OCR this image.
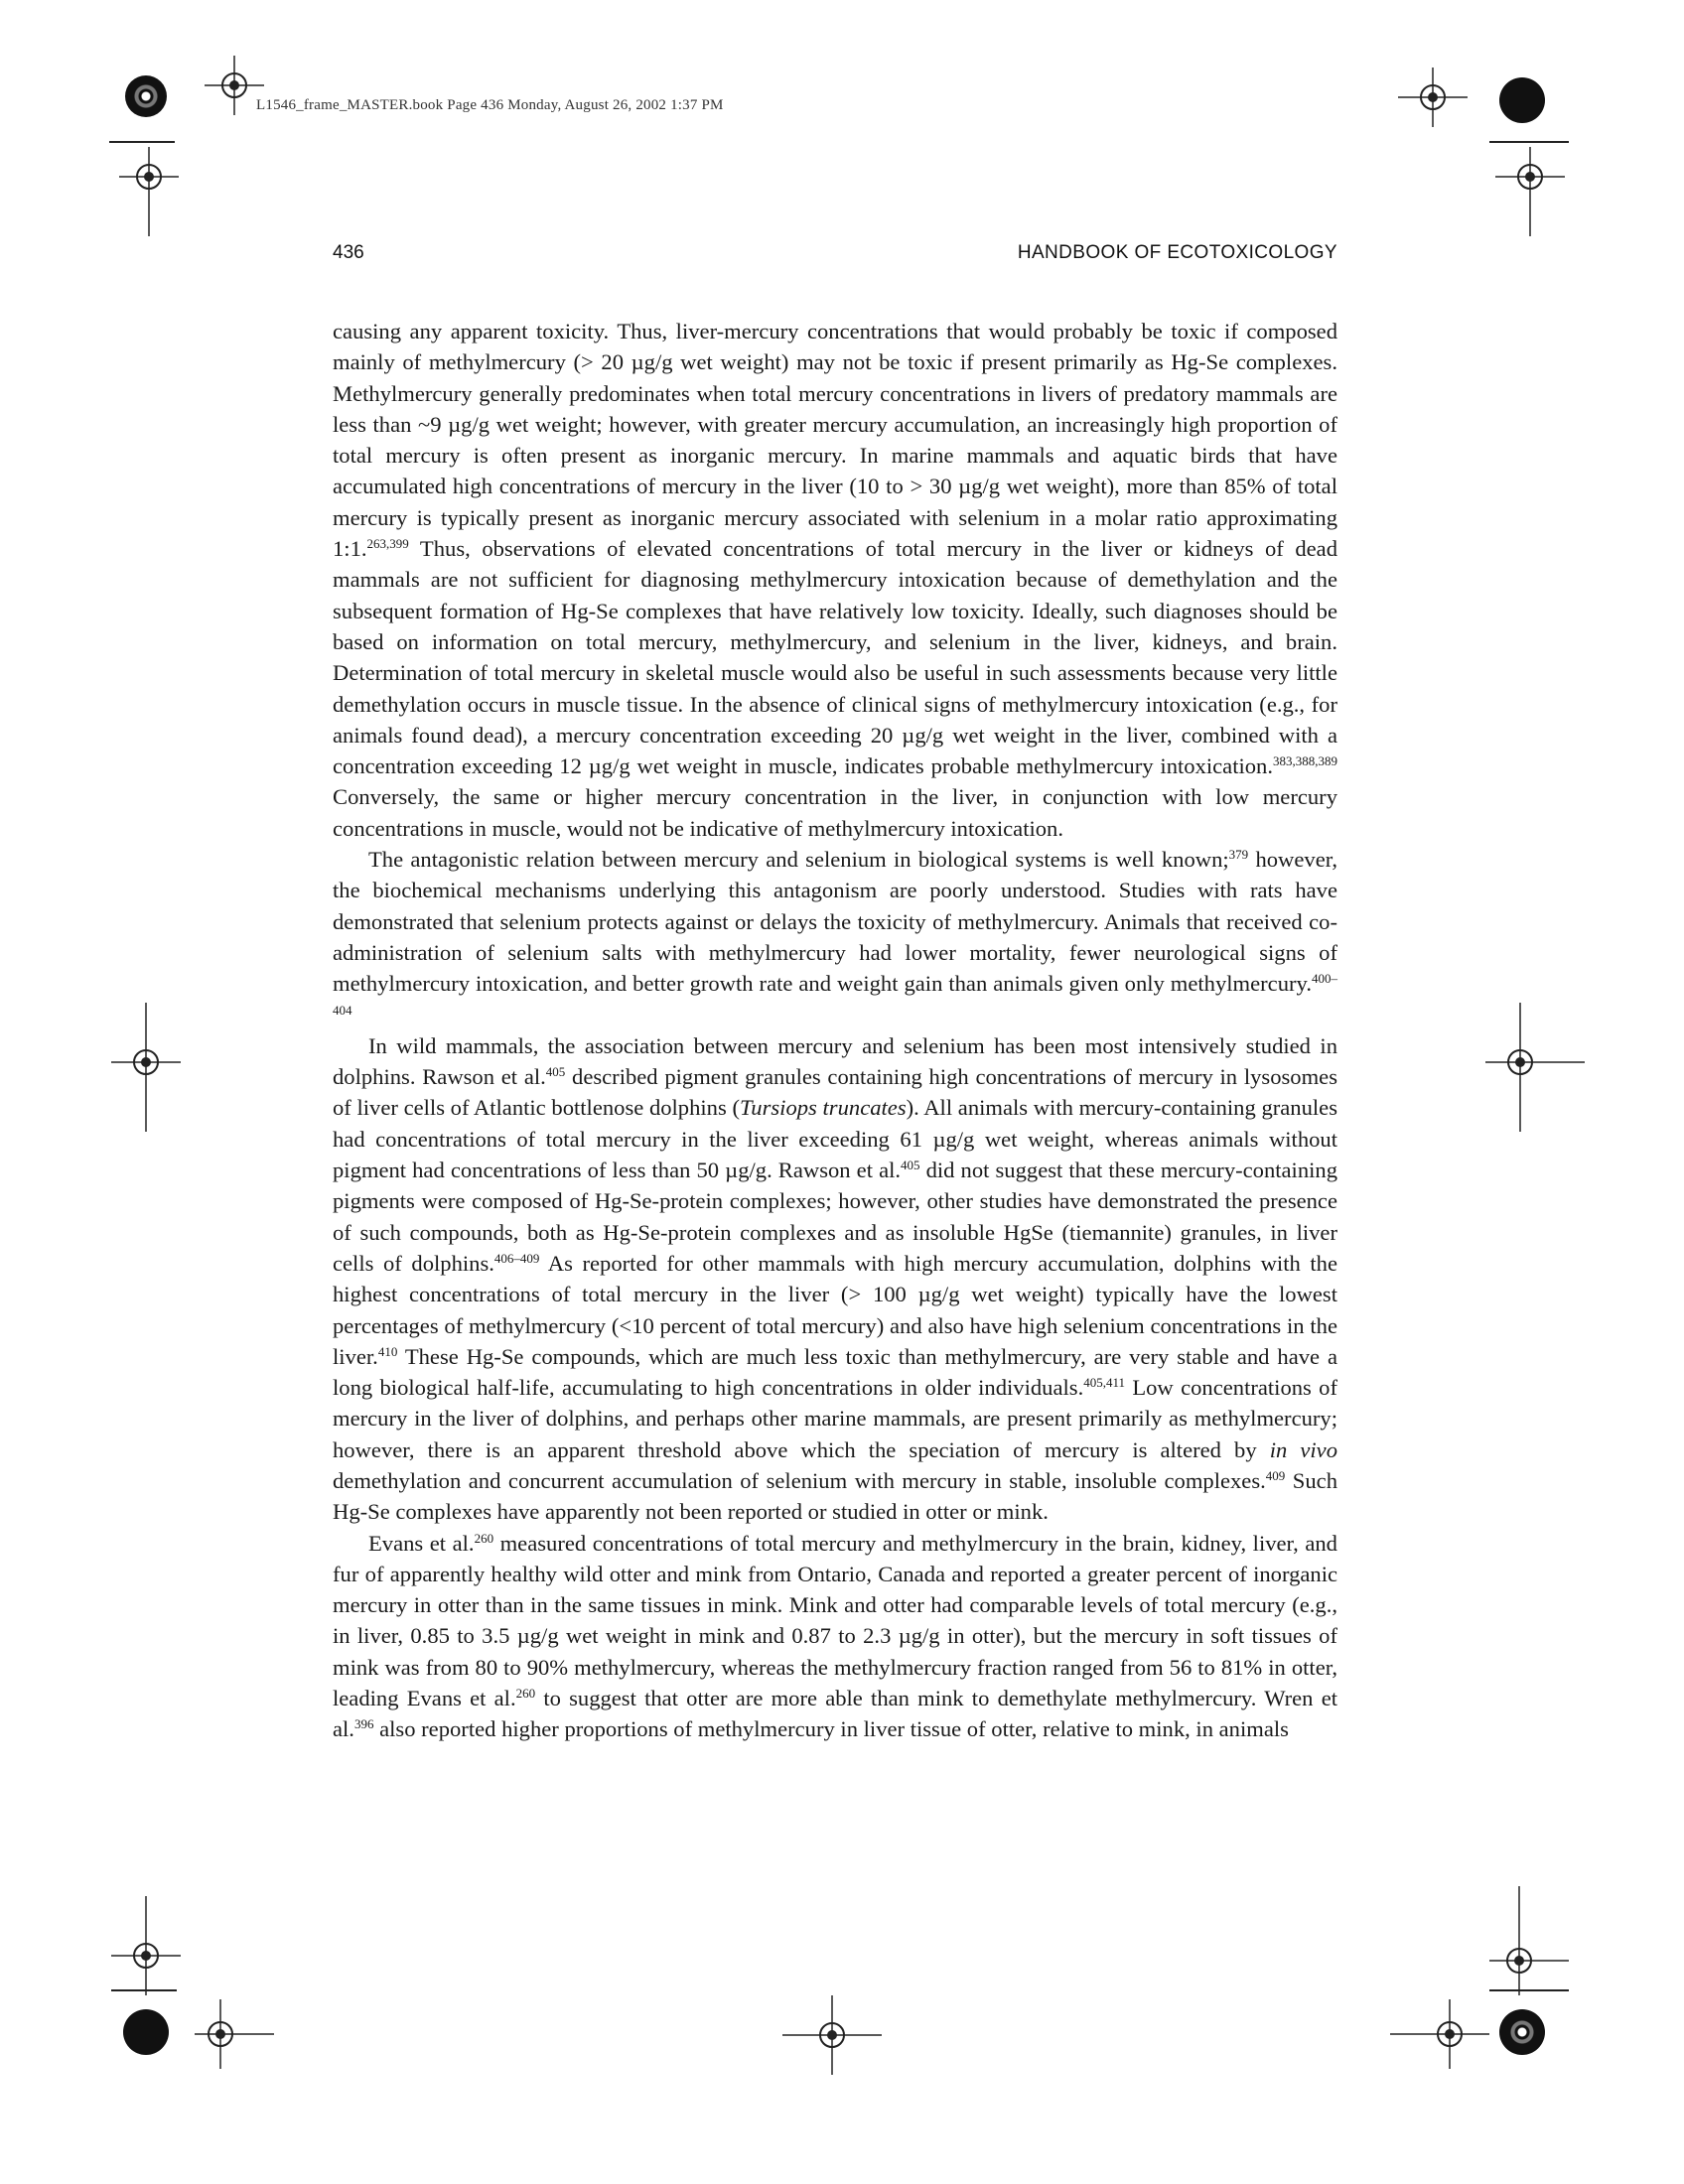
L1546_frame_MASTER.book Page 436 Monday, August 26, 2002 1:37 PM
436	HANDBOOK OF ECOTOXICOLOGY

causing any apparent toxicity. Thus, liver-mercury concentrations that would probably be toxic if composed mainly of methylmercury (> 20 µg/g wet weight) may not be toxic if present primarily as Hg-Se complexes. Methylmercury generally predominates when total mercury concentrations in livers of predatory mammals are less than ~9 µg/g wet weight; however, with greater mercury accumulation, an increasingly high proportion of total mercury is often present as inorganic mercury. In marine mammals and aquatic birds that have accumulated high concentrations of mercury in the liver (10 to > 30 µg/g wet weight), more than 85% of total mercury is typically present as inorganic mercury associated with selenium in a molar ratio approximating 1:1.$^{263,399}$ Thus, observations of elevated concentrations of total mercury in the liver or kidneys of dead mammals are not sufficient for diagnosing methylmercury intoxication because of demethylation and the subsequent formation of Hg-Se complexes that have relatively low toxicity. Ideally, such diagnoses should be based on information on total mercury, methylmercury, and selenium in the liver, kidneys, and brain. Determination of total mercury in skeletal muscle would also be useful in such assessments because very little demethylation occurs in muscle tissue. In the absence of clinical signs of methylmercury intoxication (e.g., for animals found dead), a mercury concentration exceeding 20 µg/g wet weight in the liver, combined with a concentration exceeding 12 µg/g wet weight in muscle, indicates probable methylmercury intoxication.$^{383,388,389}$ Conversely, the same or higher mercury concentration in the liver, in conjunction with low mercury concentrations in muscle, would not be indicative of methylmercury intoxication.

The antagonistic relation between mercury and selenium in biological systems is well known;$^{379}$ however, the biochemical mechanisms underlying this antagonism are poorly understood. Studies with rats have demonstrated that selenium protects against or delays the toxicity of methylmercury. Animals that received co-administration of selenium salts with methylmercury had lower mortality, fewer neurological signs of methylmercury intoxication, and better growth rate and weight gain than animals given only methylmercury.$^{400-404}$

In wild mammals, the association between mercury and selenium has been most intensively studied in dolphins. Rawson et al.$^{405}$ described pigment granules containing high concentrations of mercury in lysosomes of liver cells of Atlantic bottlenose dolphins (Tursiops truncates). All animals with mercury-containing granules had concentrations of total mercury in the liver exceeding 61 µg/g wet weight, whereas animals without pigment had concentrations of less than 50 µg/g. Rawson et al.$^{405}$ did not suggest that these mercury-containing pigments were composed of Hg-Se-protein complexes; however, other studies have demonstrated the presence of such compounds, both as Hg-Se-protein complexes and as insoluble HgSe (tiemannite) granules, in liver cells of dolphins.$^{406-409}$ As reported for other mammals with high mercury accumulation, dolphins with the highest concentrations of total mercury in the liver (> 100 µg/g wet weight) typically have the lowest percentages of methylmercury (<10 percent of total mercury) and also have high selenium concentrations in the liver.$^{410}$ These Hg-Se compounds, which are much less toxic than methylmercury, are very stable and have a long biological half-life, accumulating to high concentrations in older individuals.$^{405,411}$ Low concentrations of mercury in the liver of dolphins, and perhaps other marine mammals, are present primarily as methylmercury; however, there is an apparent threshold above which the speciation of mercury is altered by in vivo demethylation and concurrent accumulation of selenium with mercury in stable, insoluble complexes.$^{409}$ Such Hg-Se complexes have apparently not been reported or studied in otter or mink.

Evans et al.$^{260}$ measured concentrations of total mercury and methylmercury in the brain, kidney, liver, and fur of apparently healthy wild otter and mink from Ontario, Canada and reported a greater percent of inorganic mercury in otter than in the same tissues in mink. Mink and otter had comparable levels of total mercury (e.g., in liver, 0.85 to 3.5 µg/g wet weight in mink and 0.87 to 2.3 µg/g in otter), but the mercury in soft tissues of mink was from 80 to 90% methylmercury, whereas the methylmercury fraction ranged from 56 to 81% in otter, leading Evans et al.$^{260}$ to suggest that otter are more able than mink to demethylate methylmercury. Wren et al.$^{396}$ also reported higher proportions of methylmercury in liver tissue of otter, relative to mink, in animals
